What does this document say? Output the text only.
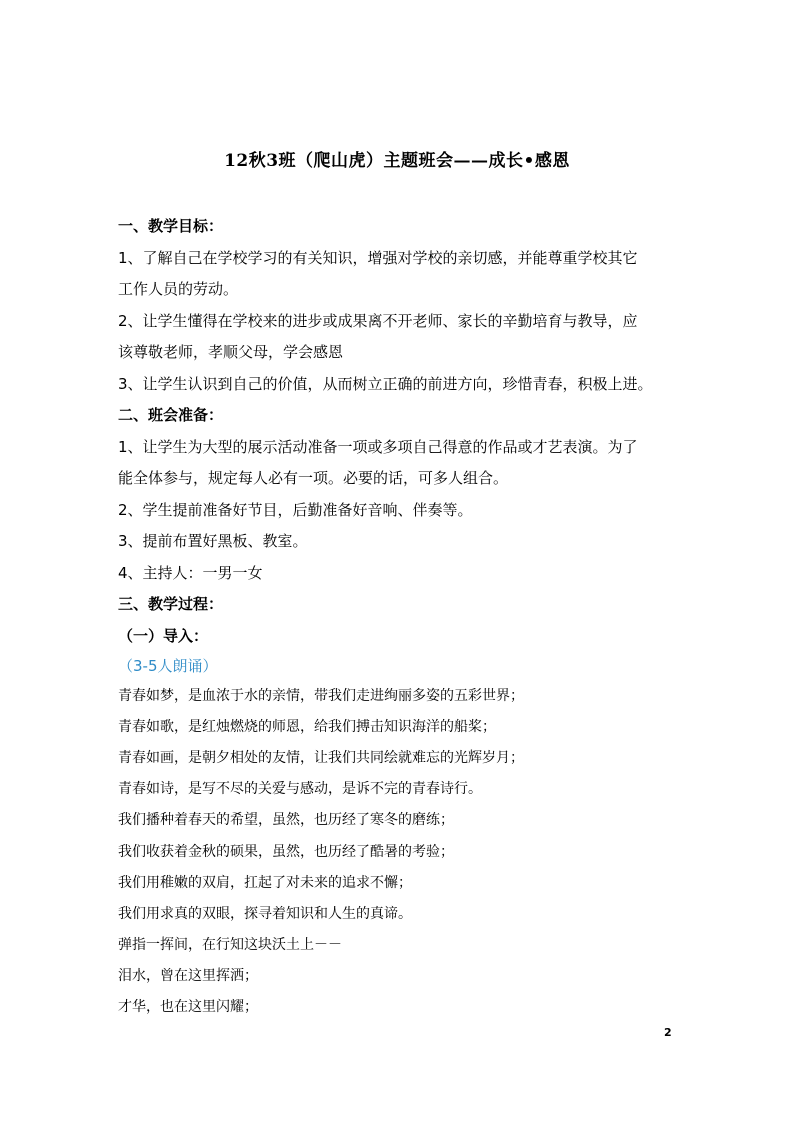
12秋3班（爬山虎）主题班会——成长•感恩
一、教学目标：
1、了解自己在学校学习的有关知识，增强对学校的亲切感，并能尊重学校其它
工作人员的劳动。
2、让学生懂得在学校来的进步或成果离不开老师、家长的辛勤培育与教导，应
该尊敬老师，孝顺父母，学会感恩
3、让学生认识到自己的价值，从而树立正确的前进方向，珍惜青春，积极上进。
二、班会准备：
1、让学生为大型的展示活动准备一项或多项自己得意的作品或才艺表演。为了
能全体参与，规定每人必有一项。必要的话，可多人组合。
2、学生提前准备好节目，后勤准备好音响、伴奏等。
3、提前布置好黑板、教室。
4、主持人：一男一女
三、教学过程：
（一）导入：
（3-5人朗诵）
青春如梦，是血浓于水的亲情，带我们走进绚丽多姿的五彩世界；
青春如歌，是红烛燃烧的师恩，给我们搏击知识海洋的船桨；
青春如画，是朝夕相处的友情，让我们共同绘就难忘的光辉岁月；
青春如诗，是写不尽的关爱与感动，是诉不完的青春诗行。
我们播种着春天的希望，虽然，也历经了寒冬的磨练；
我们收获着金秋的硕果，虽然，也历经了酷暑的考验；
我们用稚嫩的双肩，扛起了对未来的追求不懈；
我们用求真的双眼，探寻着知识和人生的真谛。
弹指一挥间，在行知这块沃土上－－
泪水，曾在这里挥洒；
才华，也在这里闪耀；
2
